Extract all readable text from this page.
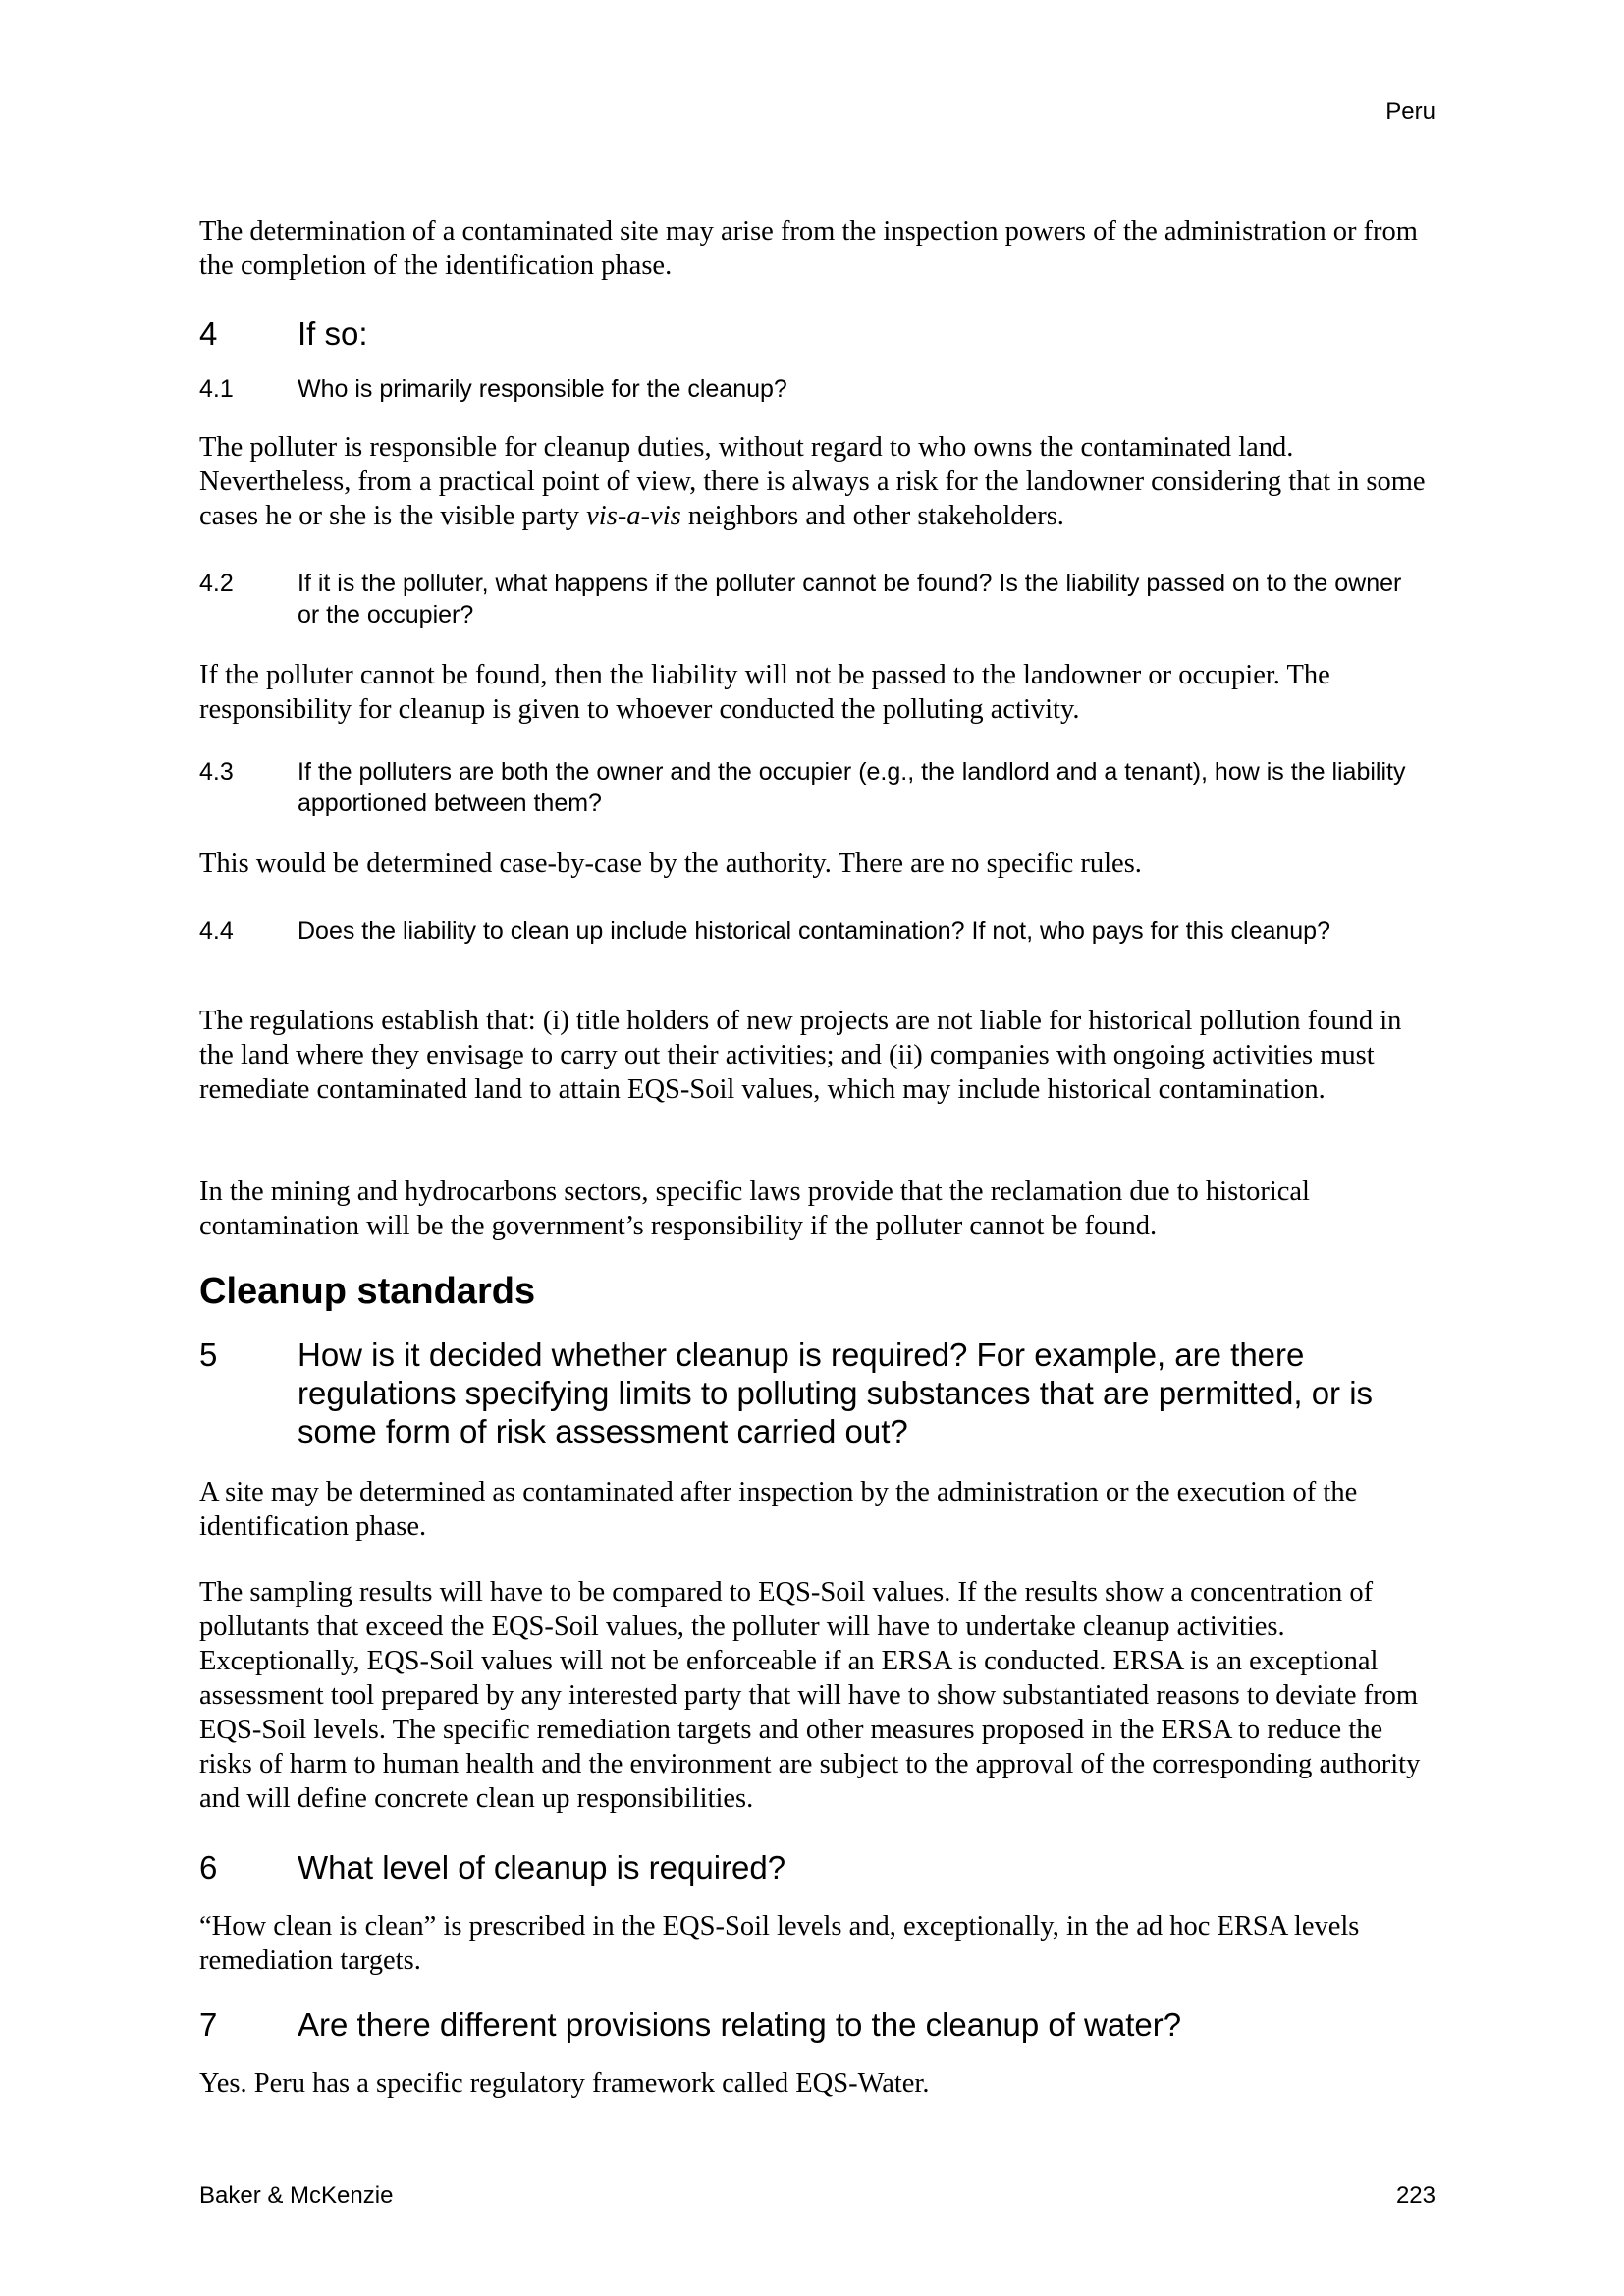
Peru

The determination of a contaminated site may arise from the inspection powers of the administration or from the completion of the identification phase.

4 If so:
4.1	Who is primarily responsible for the cleanup?

The polluter is responsible for cleanup duties, without regard to who owns the contaminated land. Nevertheless, from a practical point of view, there is always a risk for the landowner considering that in some cases he or she is the visible party vis-a-vis neighbors and other stakeholders.

4.2	If it is the polluter, what happens if the polluter cannot be found? Is the liability passed on to the owner or the occupier?

If the polluter cannot be found, then the liability will not be passed to the landowner or occupier. The responsibility for cleanup is given to whoever conducted the polluting activity.

4.3	If the polluters are both the owner and the occupier (e.g., the landlord and a tenant), how is the liability apportioned between them?

This would be determined case-by-case by the authority. There are no specific rules.

4.4	Does the liability to clean up include historical contamination? If not, who pays for this cleanup?

The regulations establish that: (i) title holders of new projects are not liable for historical pollution found in the land where they envisage to carry out their activities; and (ii) companies with ongoing activities must remediate contaminated land to attain EQS-Soil values, which may include historical contamination.

In the mining and hydrocarbons sectors, specific laws provide that the reclamation due to historical contamination will be the government’s responsibility if the polluter cannot be found.

Cleanup standards
5 How is it decided whether cleanup is required? For example, are there regulations specifying limits to polluting substances that are permitted, or is some form of risk assessment carried out?

A site may be determined as contaminated after inspection by the administration or the execution of the identification phase.

The sampling results will have to be compared to EQS-Soil values. If the results show a concentration of pollutants that exceed the EQS-Soil values, the polluter will have to undertake cleanup activities. Exceptionally, EQS-Soil values will not be enforceable if an ERSA is conducted. ERSA is an exceptional assessment tool prepared by any interested party that will have to show substantiated reasons to deviate from EQS-Soil levels. The specific remediation targets and other measures proposed in the ERSA to reduce the risks of harm to human health and the environment are subject to the approval of the corresponding authority and will define concrete clean up responsibilities.

6 What level of cleanup is required?

“How clean is clean” is prescribed in the EQS-Soil levels and, exceptionally, in the ad hoc ERSA levels remediation targets.

7 Are there different provisions relating to the cleanup of water?

Yes. Peru has a specific regulatory framework called EQS-Water.

Baker & McKenzie	223
